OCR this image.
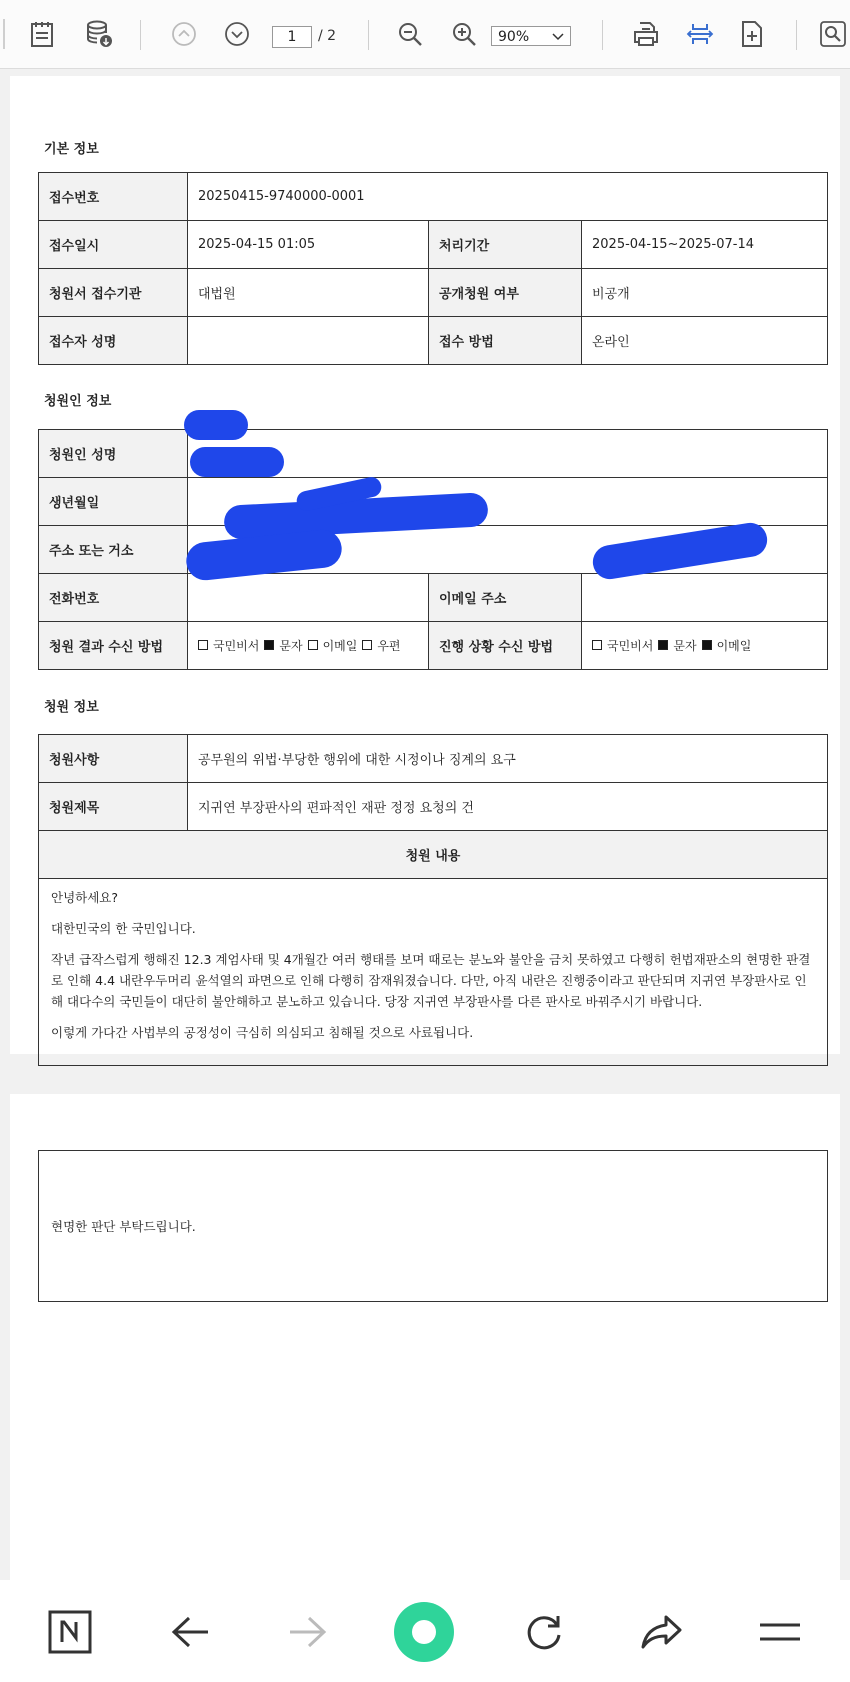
1	/ 2	90%
기본 정보
접수번호	20250415-9740000-0001		
접수일시	2025-04-15 01:05	처리기간	2025-04-15~2025-07-14
청원서 접수기관	대법원	공개청원 여부	비공개
접수자 성명		접수 방법	온라인
청원인 정보
청원인 성명			
생년월일			
주소 또는 거소	
전화번호		이메일 주소	
청원 결과 수신 방법	국민비서 문자 이메일 우편	진행 상황 수신 방법	국민비서 문자 이메일
청원 정보
청원사항	공무원의 위법·부당한 행위에 대한 시정이나 징계의 요구
청원제목	지귀연 부장판사의 편파적인 재판 정정 요청의 건
청원 내용	

안녕하세요?

대한민국의 한 국민입니다.

작년 급작스럽게 행해진 12.3 계엄사태 및 4개월간 여러 행태를 보며 때로는 분노와 불안을 금치 못하였고 다행히 헌법재판소의 현명한 판결로 인해 4.4 내란우두머리 윤석열의 파면으로 인해 다행히 잠재워졌습니다. 다만, 아직 내란은 진행중이라고 판단되며 지귀연 부장판사로 인해 대다수의 국민들이 대단히 불안해하고 분노하고 있습니다. 당장 지귀연 부장판사를 다른 판사로 바꿔주시기 바랍니다.

이렇게 가다간 사법부의 공정성이 극심히 의심되고 침해될 것으로 사료됩니다.	

현명한 판단 부탁드립니다.
